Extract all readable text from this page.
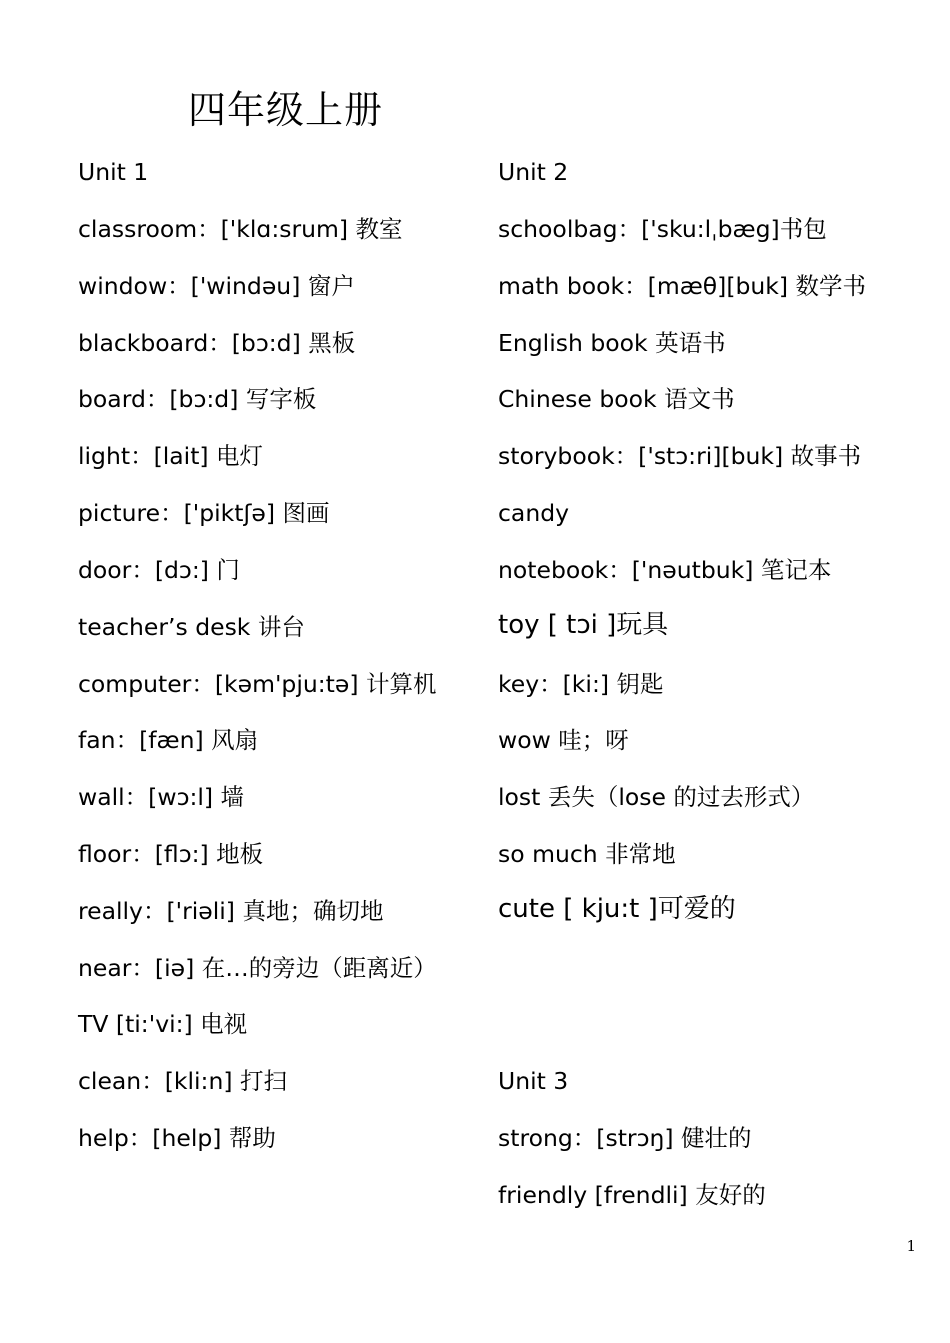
四年级上册
Unit 1
classroom：['klɑ:srum] 教室
window：['windəu] 窗户
blackboard：[bɔ:d] 黑板
board：[bɔ:d] 写字板
light：[lait] 电灯
picture：['piktʃə] 图画
door：[dɔ:] 门
teacher’s desk 讲台
computer：[kəm'pju:tə] 计算机
fan：[fæn] 风扇
wall：[wɔ:l] 墙
floor：[flɔ:] 地板
really：['riəli] 真地；确切地
near：[iə] 在…的旁边（距离近）
TV [ti:'vi:] 电视
clean：[kli:n] 打扫
help：[help] 帮助
Unit 2
schoolbag：['sku:lˌbæg]书包
math book：[mæθ][buk] 数学书
English book 英语书
Chinese book 语文书
storybook：['stɔ:ri][buk] 故事书
candy
notebook：['nəutbuk] 笔记本
toy [ tɔi ]玩具
key：[ki:] 钥匙
wow 哇；呀
lost 丢失（lose 的过去形式）
so much 非常地
cute [ kju:t ]可爱的
Unit 3
strong：[strɔŋ] 健壮的
friendly [frendli] 友好的
1
